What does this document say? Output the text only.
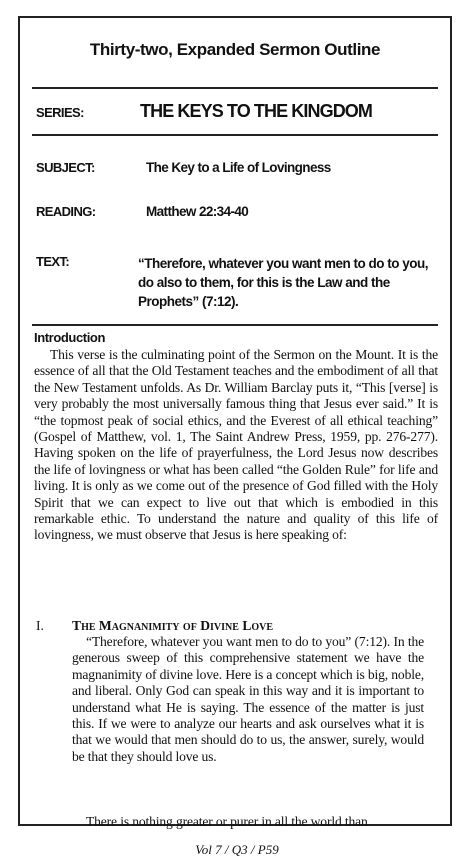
Thirty-two, Expanded Sermon Outline
SERIES:	THE KEYS TO THE KINGDOM
SUBJECT:	The Key to a Life of Lovingness
READING:	Matthew 22:34-40
TEXT:	“Therefore, whatever you want men to do to you, do also to them, for this is the Law and the Prophets” (7:12).
Introduction
This verse is the culminating point of the Sermon on the Mount. It is the essence of all that the Old Testament teaches and the embodiment of all that the New Testament unfolds. As Dr. William Barclay puts it, “This [verse] is very probably the most universally famous thing that Jesus ever said.” It is “the topmost peak of social ethics, and the Everest of all ethical teaching” (Gospel of Matthew, vol. 1, The Saint Andrew Press, 1959, pp. 276-277). Having spoken on the life of prayerfulness, the Lord Jesus now describes the life of lovingness or what has been called “the Golden Rule” for life and living. It is only as we come out of the presence of God filled with the Holy Spirit that we can expect to live out that which is embodied in this remarkable ethic. To understand the nature and quality of this life of lovingness, we must observe that Jesus is here speaking of:
I. The Magnanimity of Divine Love
“Therefore, whatever you want men to do to you” (7:12). In the generous sweep of this comprehensive statement we have the magnanimity of divine love. Here is a concept which is big, noble, and liberal. Only God can speak in this way and it is important to understand what He is saying. The essence of the matter is just this. If we were to analyze our hearts and ask ourselves what it is that we would that men should do to us, the answer, surely, would be that they should love us.
There is nothing greater or purer in all the world than
Vol 7 / Q3 / P59
